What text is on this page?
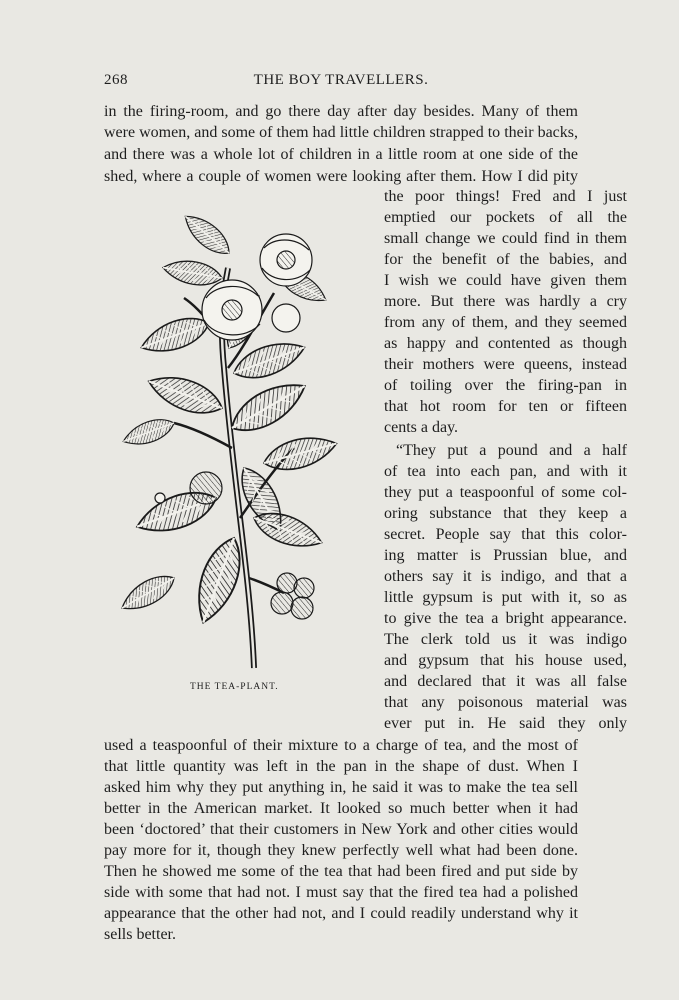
268	THE BOY TRAVELLERS.
in the firing-room, and go there day after day besides. Many of them
were women, and some of them had little children strapped to their backs,
and there was a whole lot of children in a little room at one side of the
shed, where a couple of women were looking after them. How I did pity
the poor things! Fred and I just
emptied our pockets of all the
small change we could find in them
for the benefit of the babies, and
I wish we could have given them
more. But there was hardly a cry
from any of them, and they seemed
as happy and contented as though
their mothers were queens, instead
of toiling over the firing-pan in
that hot room for ten or fifteen
cents a day.
“They put a pound and a half
of tea into each pan, and with it
they put a teaspoonful of some col-
oring substance that they keep a
secret. People say that this color-
ing matter is Prussian blue, and
others say it is indigo, and that a
little gypsum is put with it, so as
to give the tea a bright appearance.
The clerk told us it was indigo
and gypsum that his house used,
and declared that it was all false
that any poisonous material was
ever put in. He said they only
used a teaspoonful of their mixture to a charge of tea, and the most of
that little quantity was left in the pan in the shape of dust. When I
asked him why they put anything in, he said it was to make the tea sell
better in the American market. It looked so much better when it had
been ‘doctored’ that their customers in New York and other cities would
pay more for it, though they knew perfectly well what had been done.
Then he showed me some of the tea that had been fired and put side by
side with some that had not. I must say that the fired tea had a polished
appearance that the other had not, and I could readily understand why it
sells better.
THE TEA-PLANT.
